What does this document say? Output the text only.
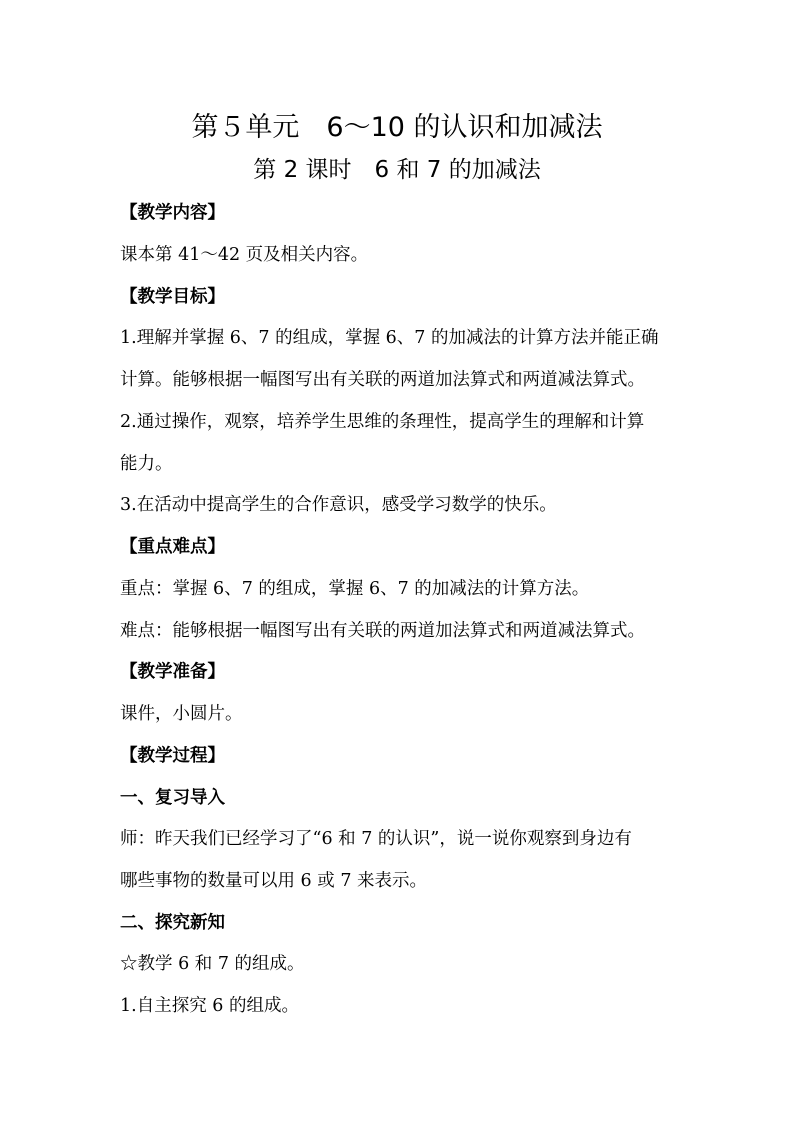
第５单元　6～10 的认识和加减法
第 2 课时　6 和 7 的加减法
【教学内容】
课本第 41～42 页及相关内容。
【教学目标】
1.理解并掌握 6、7 的组成，掌握 6、7 的加减法的计算方法并能正确
计算。能够根据一幅图写出有关联的两道加法算式和两道减法算式。
2.通过操作，观察，培养学生思维的条理性，提高学生的理解和计算
能力。
3.在活动中提高学生的合作意识，感受学习数学的快乐。
【重点难点】
重点：掌握 6、7 的组成，掌握 6、7 的加减法的计算方法。
难点：能够根据一幅图写出有关联的两道加法算式和两道减法算式。
【教学准备】
课件，小圆片。
【教学过程】
一、复习导入
师：昨天我们已经学习了“6 和 7 的认识”，说一说你观察到身边有
哪些事物的数量可以用 6 或 7 来表示。
二、探究新知
☆教学 6 和 7 的组成。
1.自主探究 6 的组成。
